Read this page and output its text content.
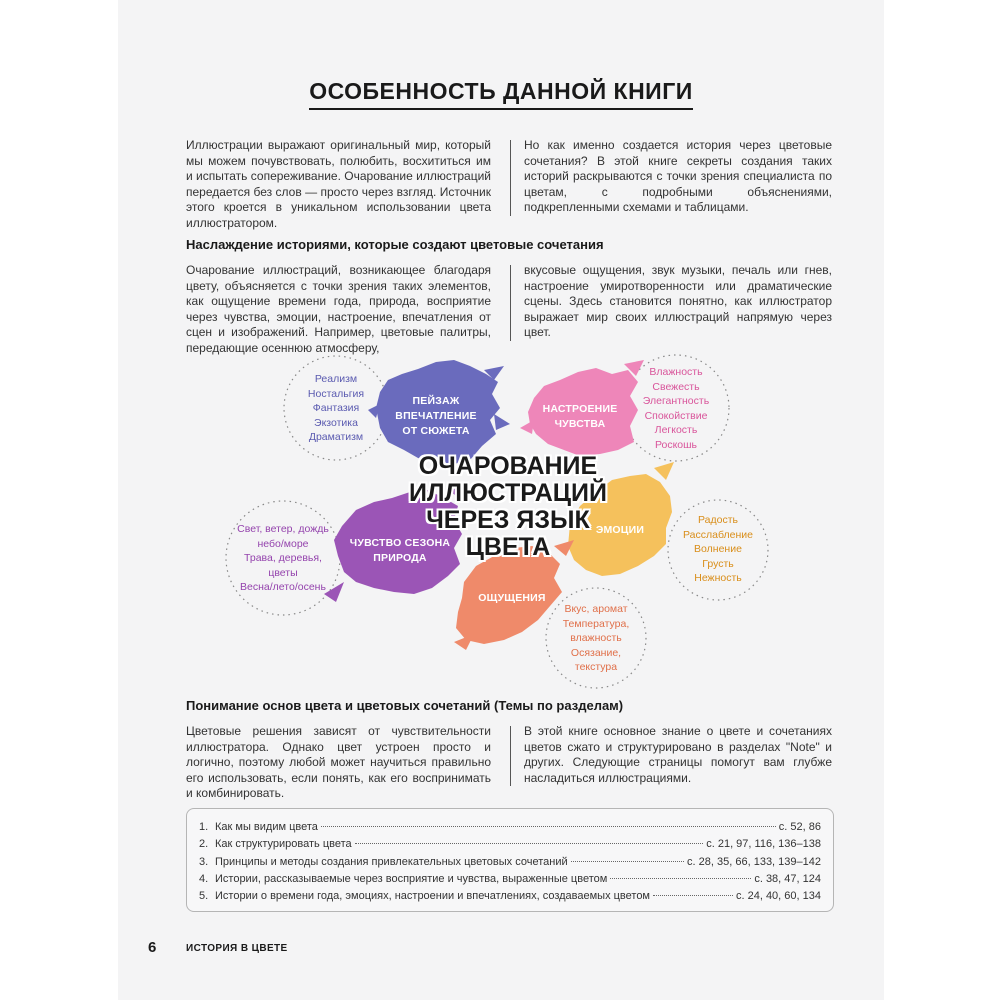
ОСОБЕННОСТЬ ДАННОЙ КНИГИ

Иллюстрации выражают оригинальный мир, который мы можем почувствовать, полюбить, восхититься им и испытать сопереживание. Очарование иллюстраций передается без слов — просто через взгляд. Источник этого кроется в уникальном использовании цвета иллюстратором.

Но как именно создается история через цветовые сочетания? В этой книге секреты создания таких историй раскрываются с точки зрения специалиста по цветам, с подробными объяснениями, подкрепленными схемами и таблицами.

Наслаждение историями, которые создают цветовые сочетания

Очарование иллюстраций, возникающее благодаря цвету, объясняется с точки зрения таких элементов, как ощущение времени года, природа, восприятие через чувства, эмоции, настроение, впечатления от сцен и изображений. Например, цветовые палитры, передающие осеннюю атмосферу,

вкусовые ощущения, звук музыки, печаль или гнев, настроение умиротворенности или драматические сцены. Здесь становится понятно, как иллюстратор выражает мир своих иллюстраций напрямую через цвет.

Реализм
Ностальгия
Фантазия
Экзотика
Драматизм
Влажность
Свежесть
Элегантность
Спокойствие
Легкость
Роскошь
Свет, ветер, дождь
небо/море
Трава, деревья,
цветы
Весна/лето/осень
Радость
Расслабление
Волнение
Грусть
Нежность
Вкус, аромат
Температура,
влажность
Осязание,
текстура
ПЕЙЗАЖ
ВПЕЧАТЛЕНИЕ
ОТ СЮЖЕТА
НАСТРОЕНИЕ
ЧУВСТВА
ЧУВСТВО СЕЗОНА
ПРИРОДА
ЭМОЦИИ
ОЩУЩЕНИЯ
ОЧАРОВАНИЕ
ИЛЛЮСТРАЦИЙ
ЧЕРЕЗ ЯЗЫК
ЦВЕТА
Понимание основ цвета и цветовых сочетаний (Темы по разделам)

Цветовые решения зависят от чувствительности иллюстратора. Однако цвет устроен просто и логично, поэтому любой может научиться правильно его использовать, если понять, как его воспринимать и комбинировать.

В этой книге основное знание о цвете и сочетаниях цветов сжато и структурировано в разделах "Note" и других. Следующие страницы помогут вам глубже насладиться иллюстрациями.

1. Как мы видим цвета	с. 52, 86
2. Как структурировать цвета	с. 21, 97, 116, 136–138
3. Принципы и методы создания привлекательных цветовых сочетаний	с. 28, 35, 66, 133, 139–142
4. Истории, рассказываемые через восприятие и чувства, выраженные цветом	с. 38, 47, 124
5. Истории о времени года, эмоциях, настроении и впечатлениях, создаваемых цветом	с. 24, 40, 60, 134
6	ИСТОРИЯ В ЦВЕТЕ
